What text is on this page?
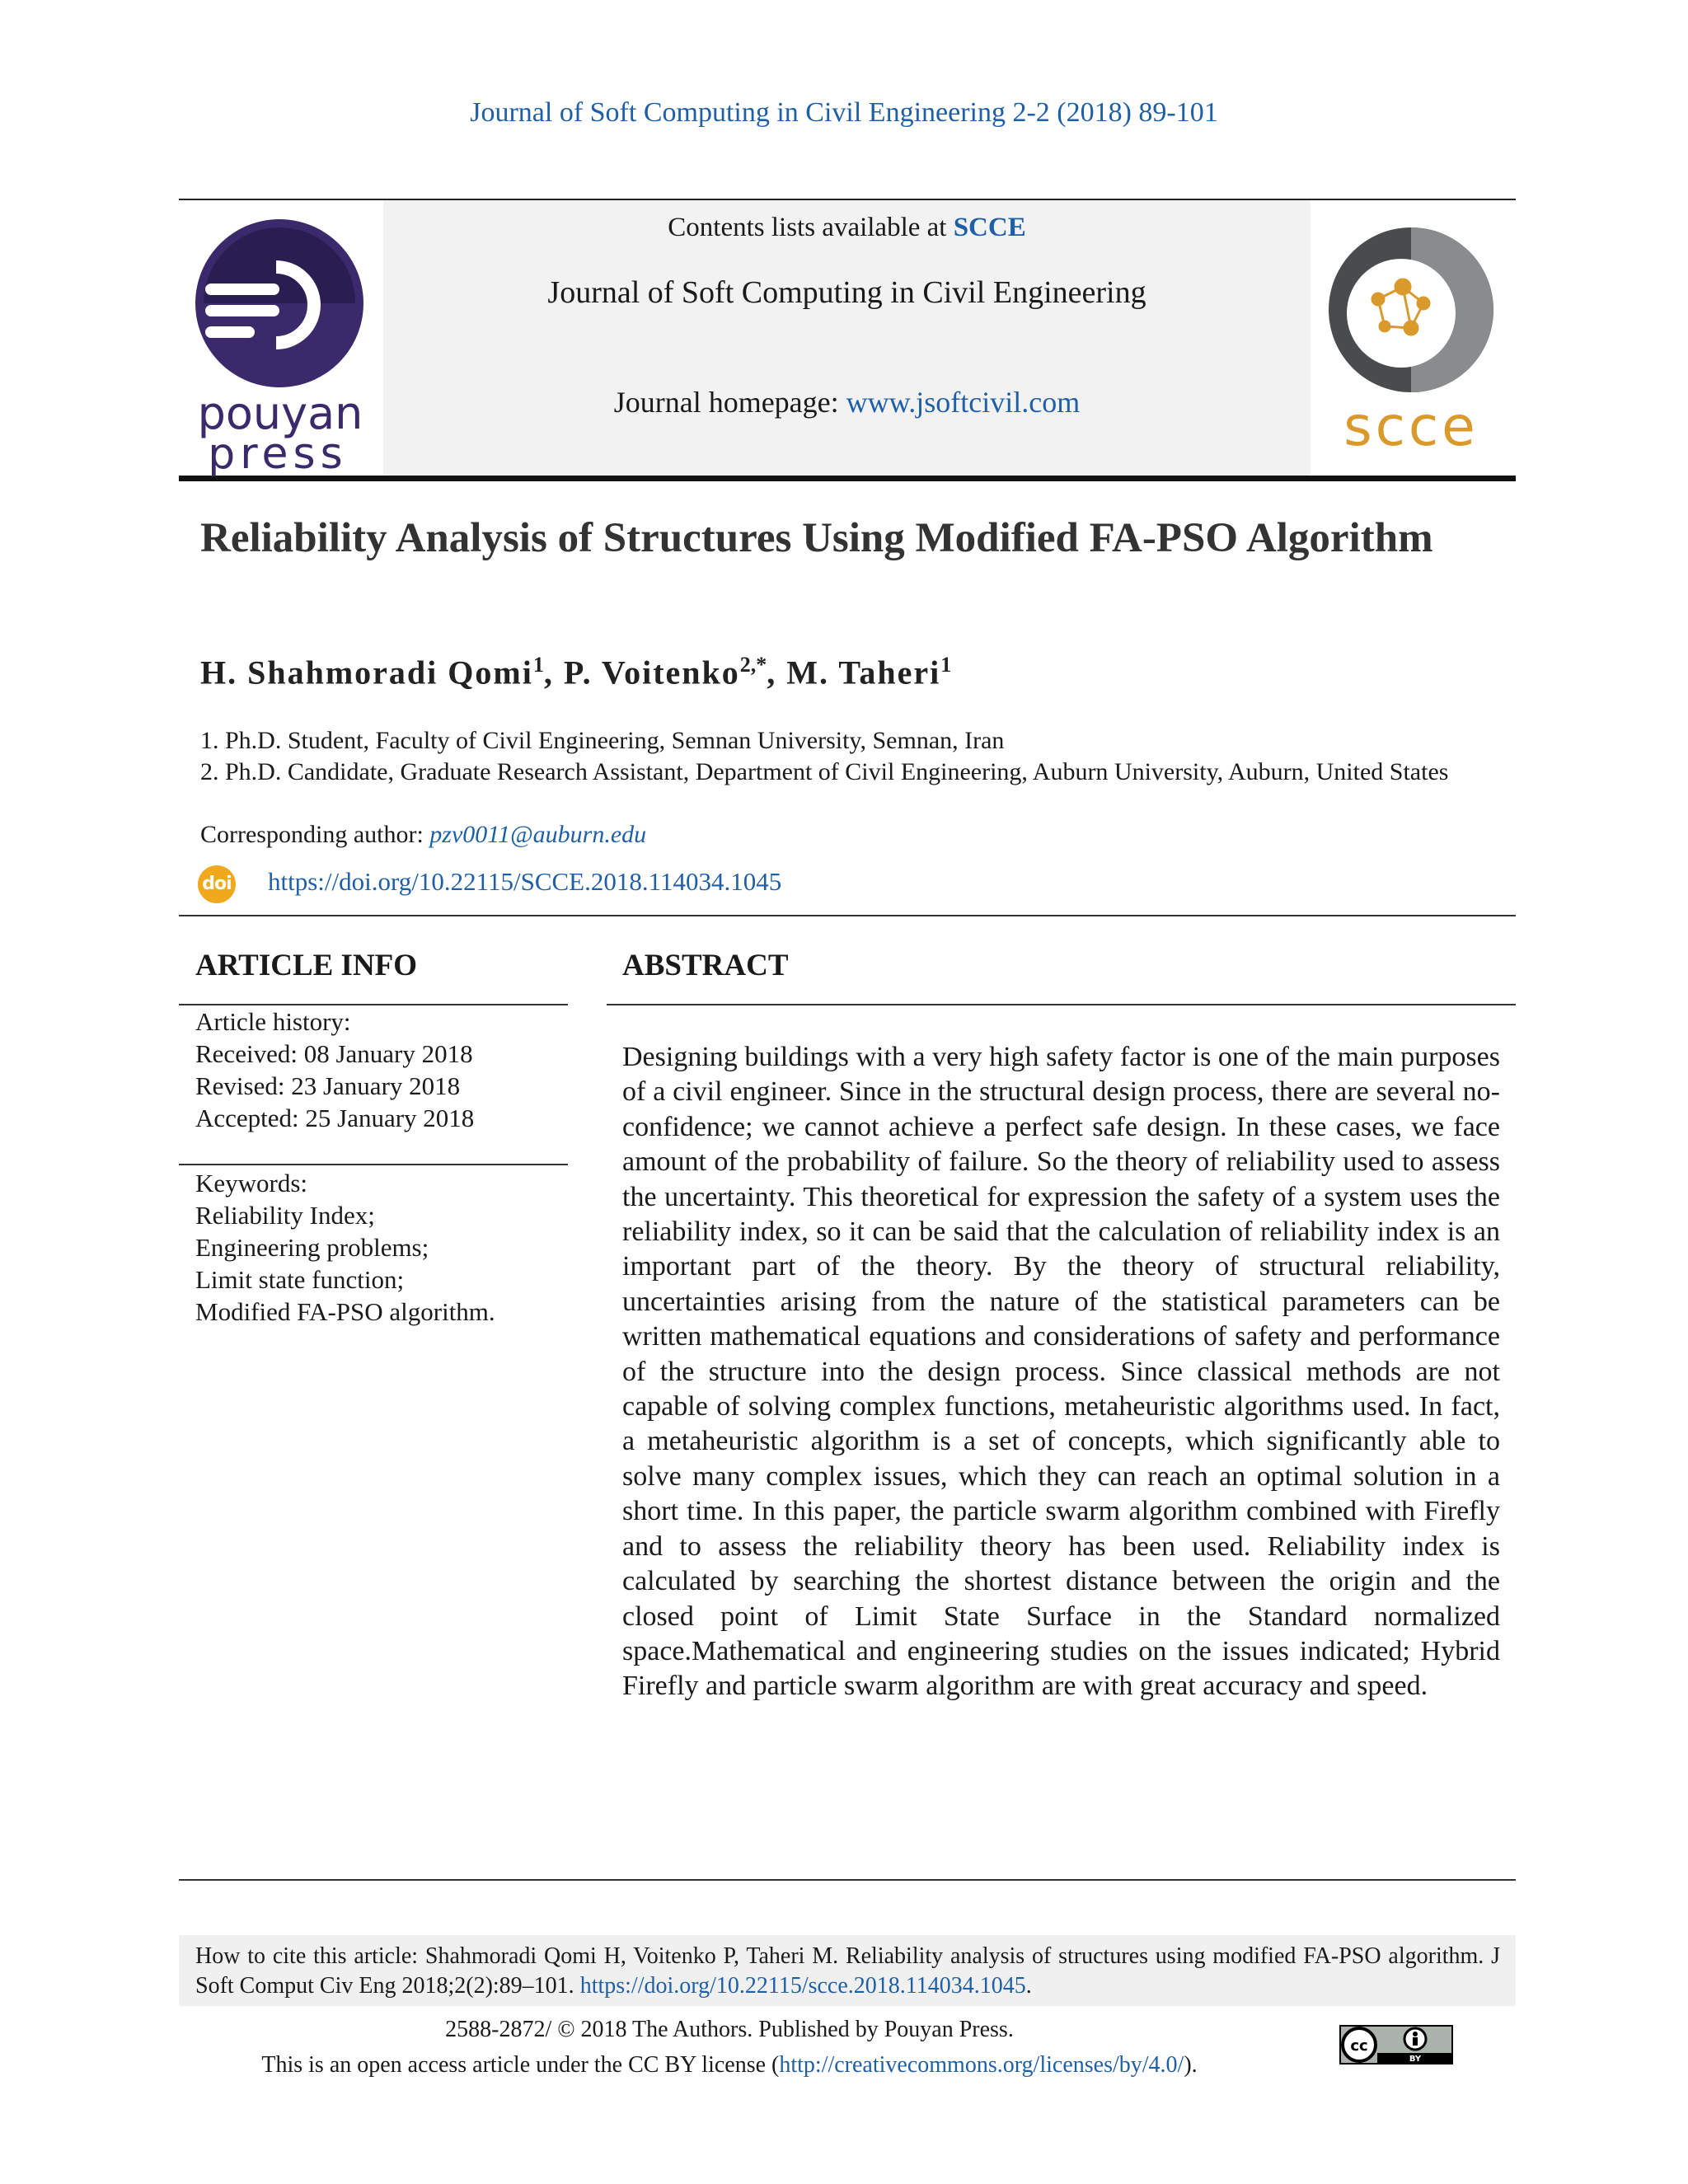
Journal of Soft Computing in Civil Engineering 2-2 (2018) 89-101
Contents lists available at SCCE
Journal of Soft Computing in Civil Engineering
Journal homepage: www.jsoftcivil.com
pouyan
press	scce
Reliability Analysis of Structures Using Modified FA-PSO Algorithm
H. Shahmoradi Qomi$^1$, P. Voitenko$^{2,*}$, M. Taheri$^1$
1. Ph.D. Student, Faculty of Civil Engineering, Semnan University, Semnan, Iran
2. Ph.D. Candidate, Graduate Research Assistant, Department of Civil Engineering, Auburn University, Auburn, United States
Corresponding author: pzv0011@auburn.edu
doi https://doi.org/10.22115/SCCE.2018.114034.1045
ARTICLE INFO	ABSTRACT
Article history:
Received: 08 January 2018
Revised: 23 January 2018
Accepted: 25 January 2018
Keywords:
Reliability Index;
Engineering problems;
Limit state function;
Modified FA-PSO algorithm.
Designing buildings with a very high safety factor is one of the main purposes of a civil engineer. Since in the structural design process, there are several no-confidence; we cannot achieve a perfect safe design. In these cases, we face amount of the probability of failure. So the theory of reliability used to assess the uncertainty. This theoretical for expression the safety of a system uses the reliability index, so it can be said that the calculation of reliability index is an important part of the theory. By the theory of structural reliability, uncertainties arising from the nature of the statistical parameters can be written mathematical equations and considerations of safety and performance of the structure into the design process. Since classical methods are not capable of solving complex functions, metaheuristic algorithms used. In fact, a metaheuristic algorithm is a set of concepts, which significantly able to solve many complex issues, which they can reach an optimal solution in a short time. In this paper, the particle swarm algorithm combined with Firefly and to assess the reliability theory has been used. Reliability index is calculated by searching the shortest distance between the origin and the closed point of Limit State Surface in the Standard normalized space.Mathematical and engineering studies on the issues indicated; Hybrid Firefly and particle swarm algorithm are with great accuracy and speed.
How to cite this article: Shahmoradi Qomi H, Voitenko P, Taheri M. Reliability analysis of structures using modified FA-PSO algorithm. J Soft Comput Civ Eng 2018;2(2):89–101. https://doi.org/10.22115/scce.2018.114034.1045.
2588-2872/ © 2018 The Authors. Published by Pouyan Press.
This is an open access article under the CC BY license (http://creativecommons.org/licenses/by/4.0/).
cc
BY
